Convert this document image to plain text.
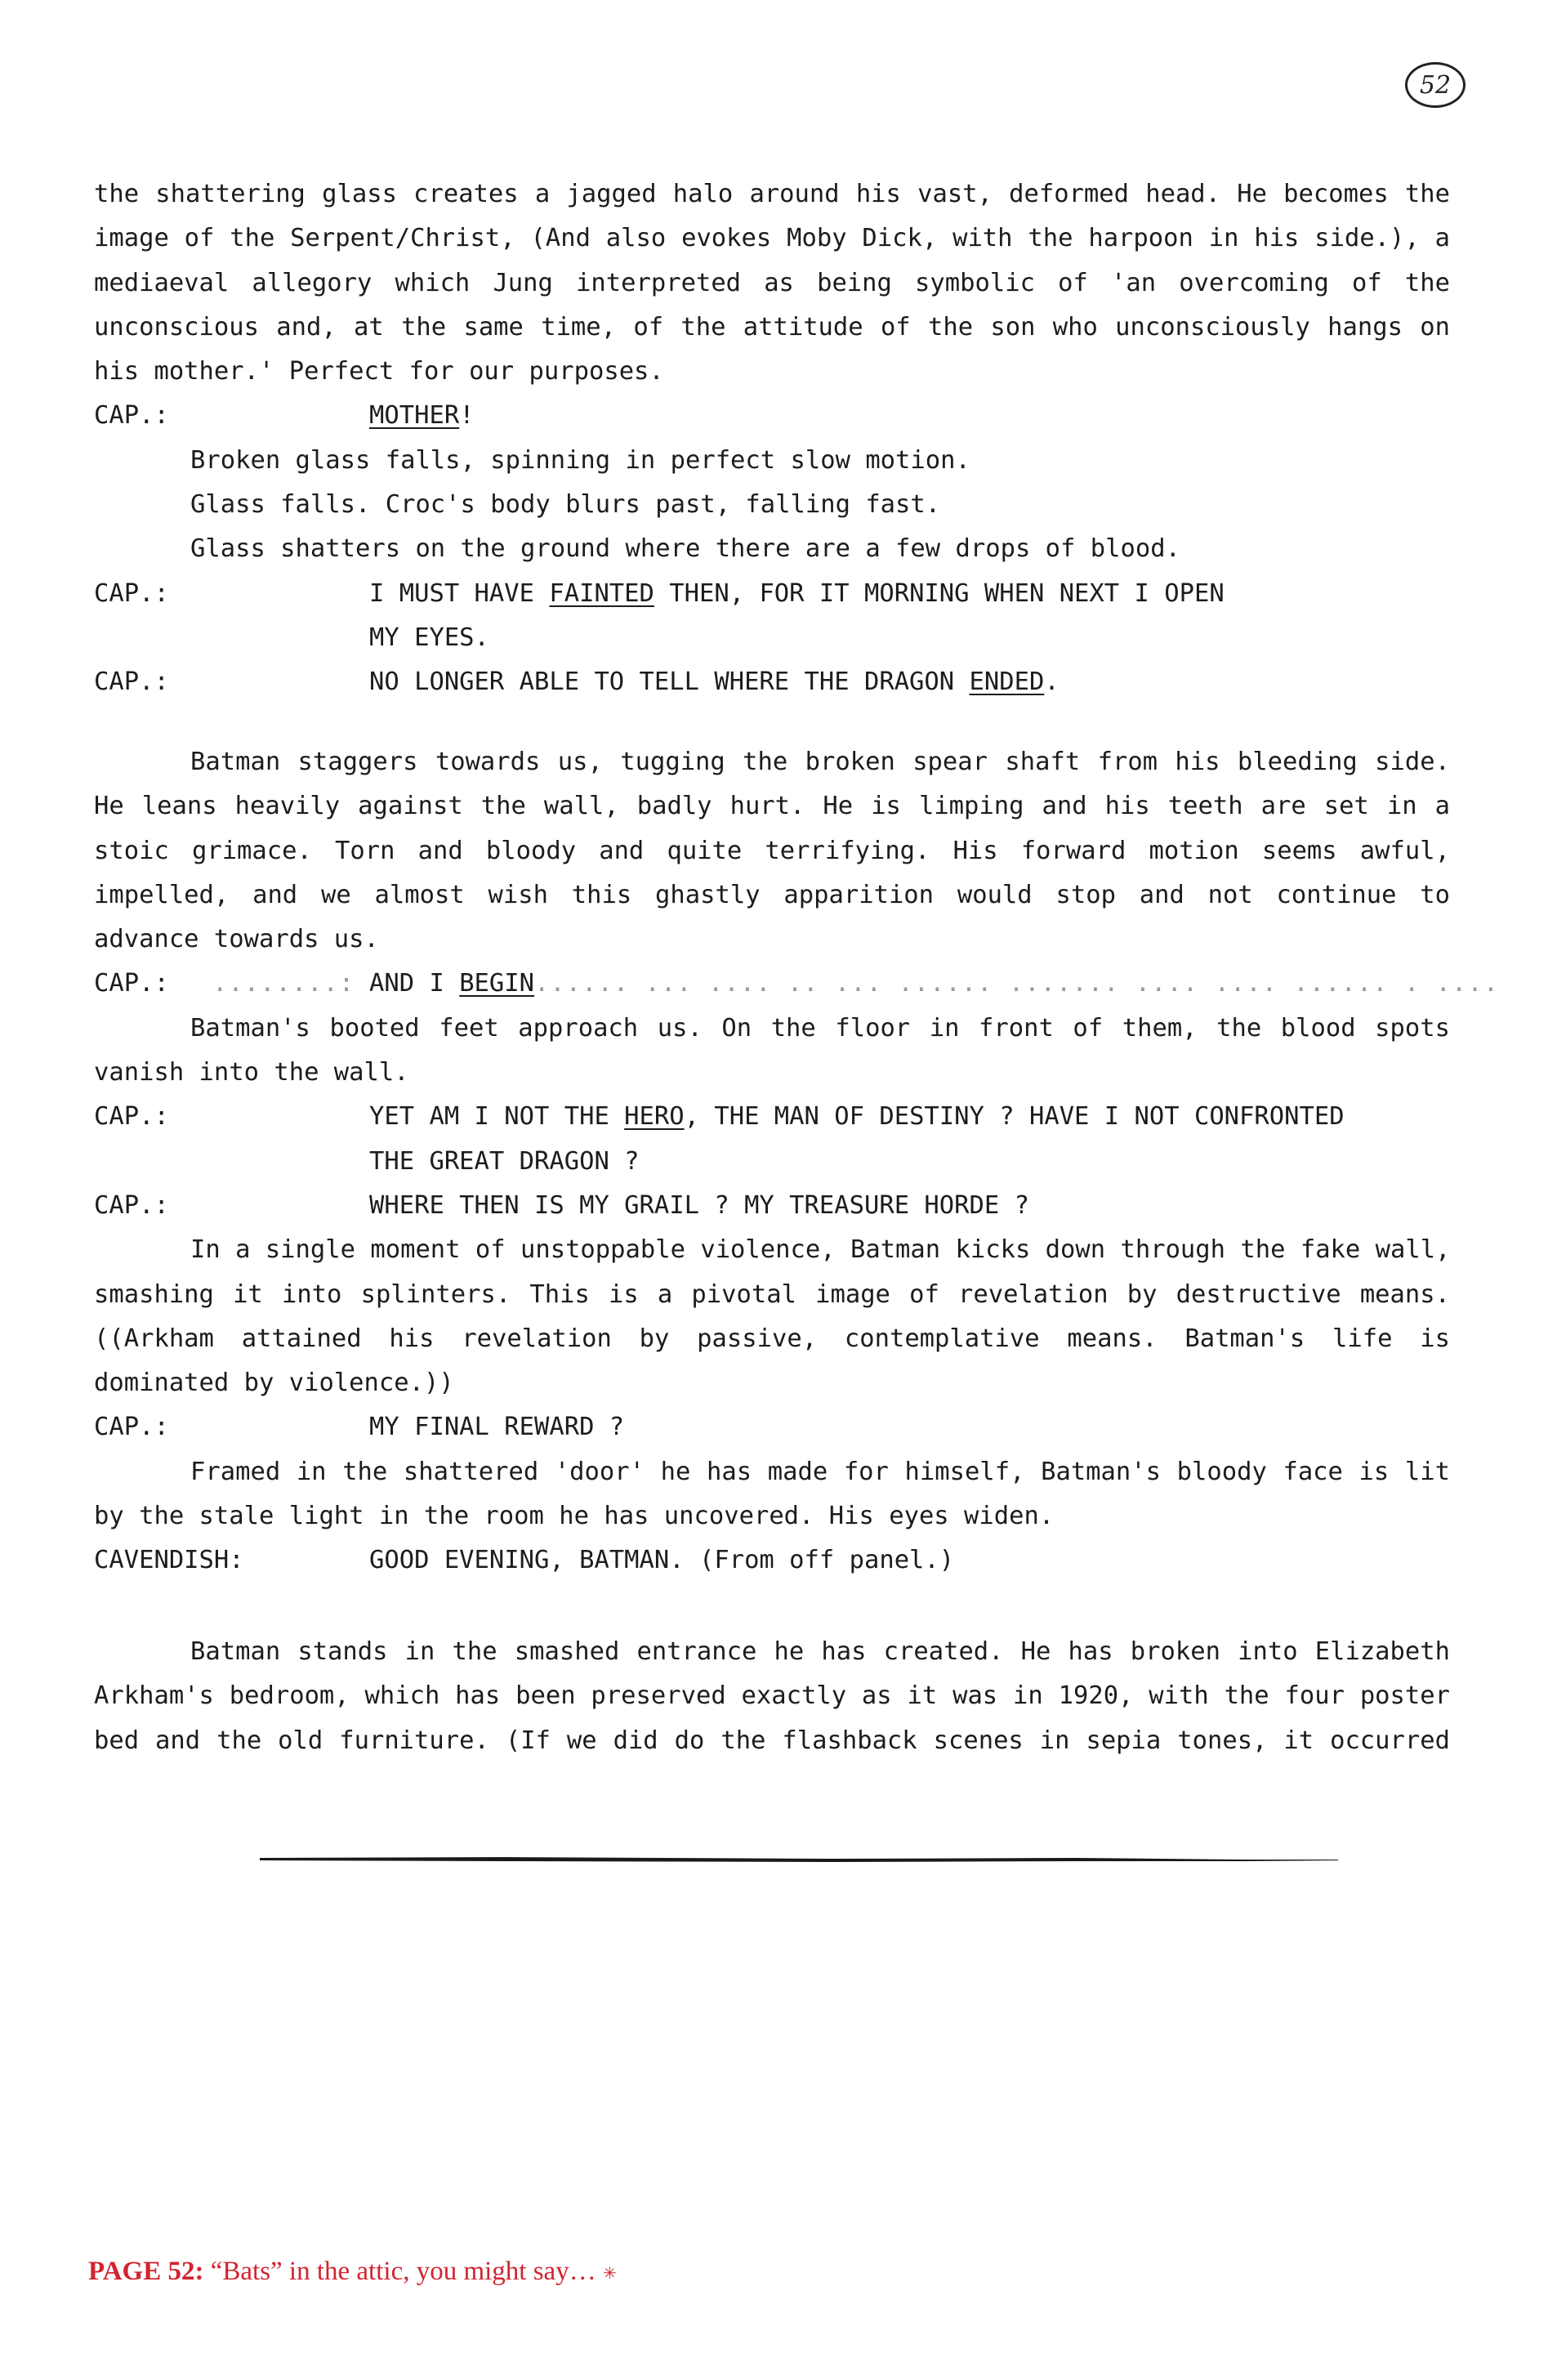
52
the shattering glass creates a jagged halo around his vast, deformed head. He becomes the
image of the Serpent/Christ, (And also evokes Moby Dick, with the harpoon in his side.), a
mediaeval allegory which Jung interpreted as being symbolic of 'an overcoming of the
unconscious and, at the same time, of the attitude of the son who unconsciously hangs on
his mother.' Perfect for our purposes.
CAP.:	MOTHER!
Broken glass falls, spinning in perfect slow motion.
Glass falls. Croc's body blurs past, falling fast.
Glass shatters on the ground where there are a few drops of blood.
CAP.:	I MUST HAVE FAINTED THEN, FOR IT MORNING WHEN NEXT I OPEN
MY EYES.
CAP.:	NO LONGER ABLE TO TELL WHERE THE DRAGON ENDED.
Batman staggers towards us, tugging the broken spear shaft from his bleeding side.
He leans heavily against the wall, badly hurt. He is limping and his teeth are set in a
stoic grimace. Torn and bloody and quite terrifying. His forward motion seems awful,
impelled, and we almost wish this ghastly apparition would stop and not continue to
advance towards us.
CAP.: ........: AND I BEGIN...... ... .... .. ... ...... ....... .... .... ...... . ....
Batman's booted feet approach us. On the floor in front of them, the blood spots
vanish into the wall.
CAP.:	YET AM I NOT THE HERO, THE MAN OF DESTINY ? HAVE I NOT CONFRONTED
THE GREAT DRAGON ?
CAP.:	WHERE THEN IS MY GRAIL ? MY TREASURE HORDE ?
In a single moment of unstoppable violence, Batman kicks down through the fake wall,
smashing it into splinters. This is a pivotal image of revelation by destructive means.
((Arkham attained his revelation by passive, contemplative means. Batman's life is
dominated by violence.))
CAP.:	MY FINAL REWARD ?
Framed in the shattered 'door' he has made for himself, Batman's bloody face is lit
by the stale light in the room he has uncovered. His eyes widen.
CAVENDISH:	GOOD EVENING, BATMAN. (From off panel.)
Batman stands in the smashed entrance he has created. He has broken into Elizabeth
Arkham's bedroom, which has been preserved exactly as it was in 1920, with the four poster
bed and the old furniture. (If we did do the flashback scenes in sepia tones, it occurred
PAGE 52: “Bats” in the attic, you might say… ✳
